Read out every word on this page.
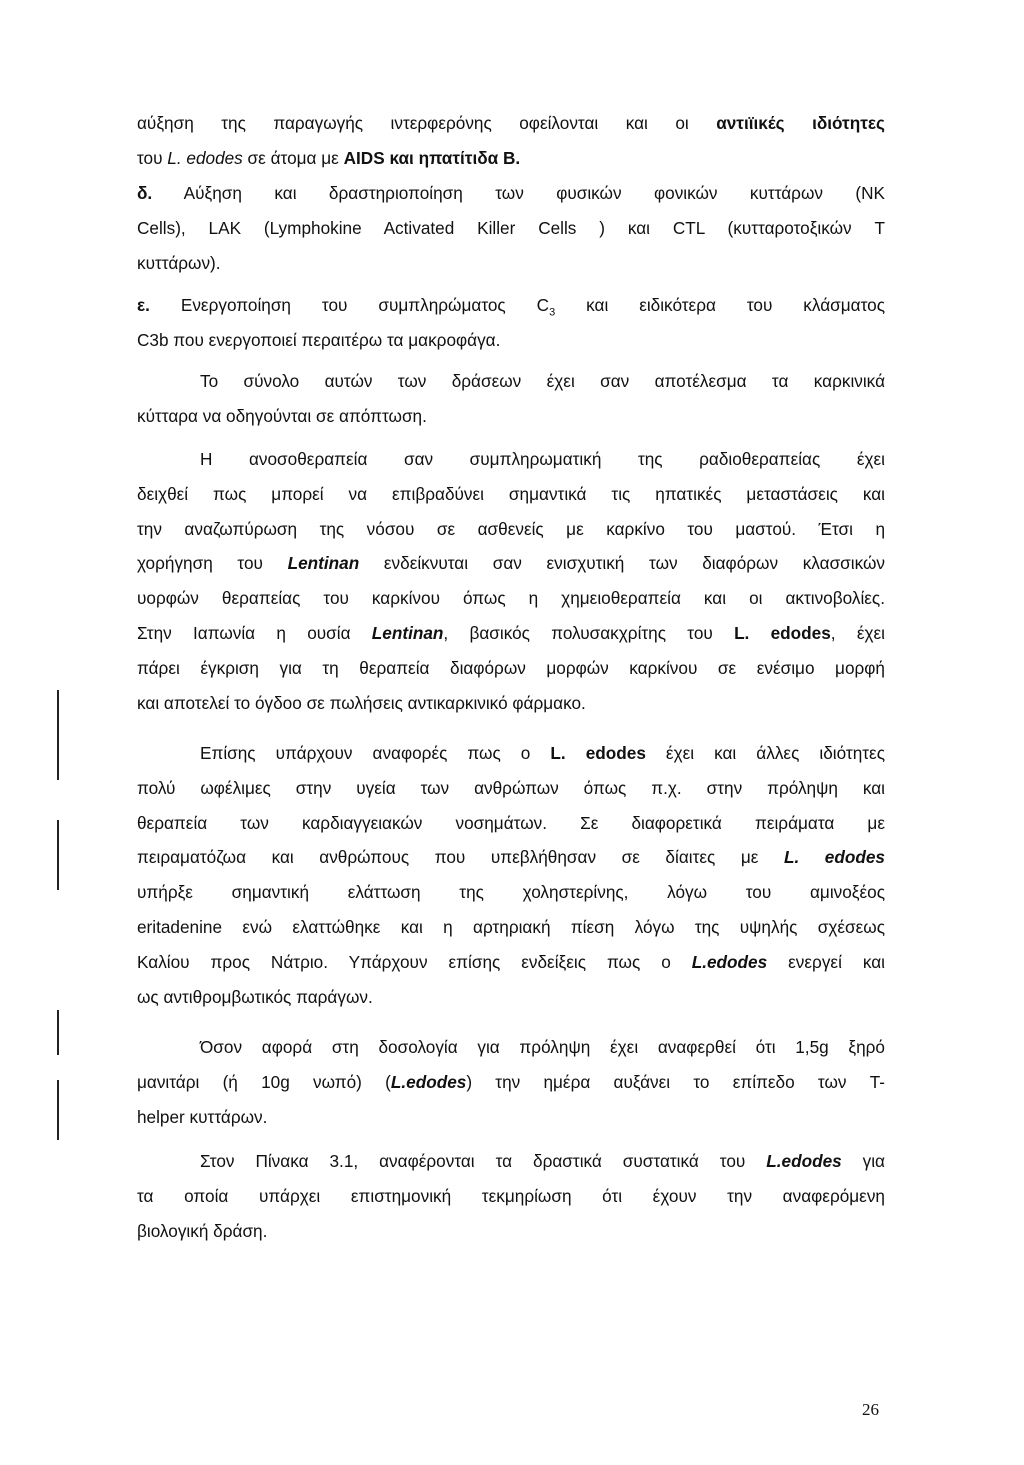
αύξηση της παραγωγής ιντερφερόνης οφείλονται και οι αντιϊικές ιδιότητες
του L. edodes σε άτομα με AIDS και ηπατίτιδα Β.
δ. Αύξηση και δραστηριοποίηση των φυσικών φονικών κυττάρων (NK
Cells), LAK (Lymphokine Activated Killer Cells ) και CTL (κυτταροτοξικών T
κυττάρων).
ε. Ενεργοποίηση του συμπληρώματος $C_3$ και ειδικότερα του κλάσματος
C3b που ενεργοποιεί περαιτέρω τα μακροφάγα.
Το σύνολο αυτών των δράσεων έχει σαν αποτέλεσμα τα καρκινικά
κύτταρα να οδηγούνται σε απόπτωση.
Η ανοσοθεραπεία σαν συμπληρωματική της ραδιοθεραπείας έχει
δειχθεί πως μπορεί να επιβραδύνει σημαντικά τις ηπατικές μεταστάσεις και
την αναζωπύρωση της νόσου σε ασθενείς με καρκίνο του μαστού. Έτσι η
χορήγηση του Lentinan ενδείκνυται σαν ενισχυτική των διαφόρων κλασσικών
υορφών θεραπείας του καρκίνου όπως η χημειοθεραπεία και οι ακτινοβολίες.
Στην Ιαπωνία η ουσία Lentinan, βασικός πολυσακχρίτης του L. edodes, έχει
πάρει έγκριση για τη θεραπεία διαφόρων μορφών καρκίνου σε ενέσιμο μορφή
και αποτελεί το όγδοο σε πωλήσεις αντικαρκινικό φάρμακο.
Επίσης υπάρχουν αναφορές πως ο L. edodes έχει και άλλες ιδιότητες
πολύ ωφέλιμες στην υγεία των ανθρώπων όπως π.χ. στην πρόληψη και
θεραπεία των καρδιαγγειακών νοσημάτων. Σε διαφορετικά πειράματα με
πειραματόζωα και ανθρώπους που υπεβλήθησαν σε δίαιτες με L. edodes
υπήρξε σημαντική ελάττωση της χοληστερίνης, λόγω του αμινοξέος
eritadenine ενώ ελαττώθηκε και η αρτηριακή πίεση λόγω της υψηλής σχέσεως
Καλίου προς Νάτριο. Υπάρχουν επίσης ενδείξεις πως ο L.edodes ενεργεί και
ως αντιθρομβωτικός παράγων.
Όσον αφορά στη δοσολογία για πρόληψη έχει αναφερθεί ότι 1,5g ξηρό
μανιτάρι (ή 10g νωπό) (L.edodes) την ημέρα αυξάνει το επίπεδο των T-
helper κυττάρων.
Στον Πίνακα 3.1, αναφέρονται τα δραστικά συστατικά του L.edodes για
τα οποία υπάρχει επιστημονική τεκμηρίωση ότι έχουν την αναφερόμενη
βιολογική δράση.
26
